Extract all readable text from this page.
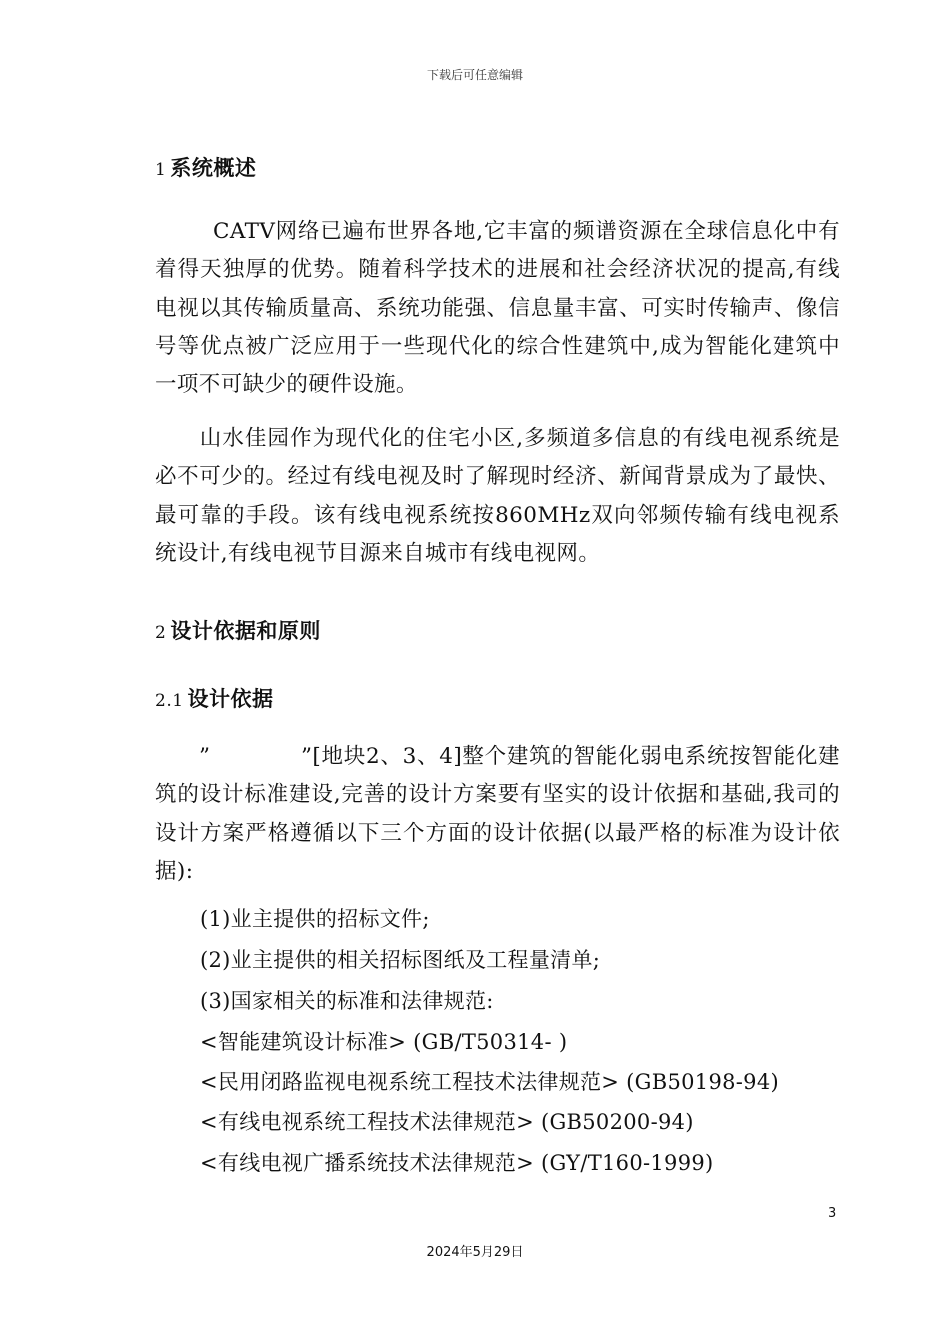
下载后可任意编辑
1 系统概述

CATV网络已遍布世界各地,它丰富的频谱资源在全球信息化中有着得天独厚的优势。随着科学技术的进展和社会经济状况的提高,有线电视以其传输质量高、系统功能强、信息量丰富、可实时传输声、像信号等优点被广泛应用于一些现代化的综合性建筑中,成为智能化建筑中一项不可缺少的硬件设施。

山水佳园作为现代化的住宅小区,多频道多信息的有线电视系统是必不可少的。经过有线电视及时了解现时经济、新闻背景成为了最快、最可靠的手段。该有线电视系统按860MHz双向邻频传输有线电视系统设计,有线电视节目源来自城市有线电视网。

2 设计依据和原则
2.1 设计依据

”	”[地块2、3、4]整个建筑的智能化弱电系统按智能化建筑的设计标准建设,完善的设计方案要有坚实的设计依据和基础,我司的设计方案严格遵循以下三个方面的设计依据(以最严格的标准为设计依据):

(1)业主提供的招标文件;
(2)业主提供的相关招标图纸及工程量清单;
(3)国家相关的标准和法律规范:
<智能建筑设计标准> (GB/T50314- )
<民用闭路监视电视系统工程技术法律规范> (GB50198-94)
<有线电视系统工程技术法律规范> (GB50200-94)
<有线电视广播系统技术法律规范> (GY/T160-1999)
3
2024年5月29日
